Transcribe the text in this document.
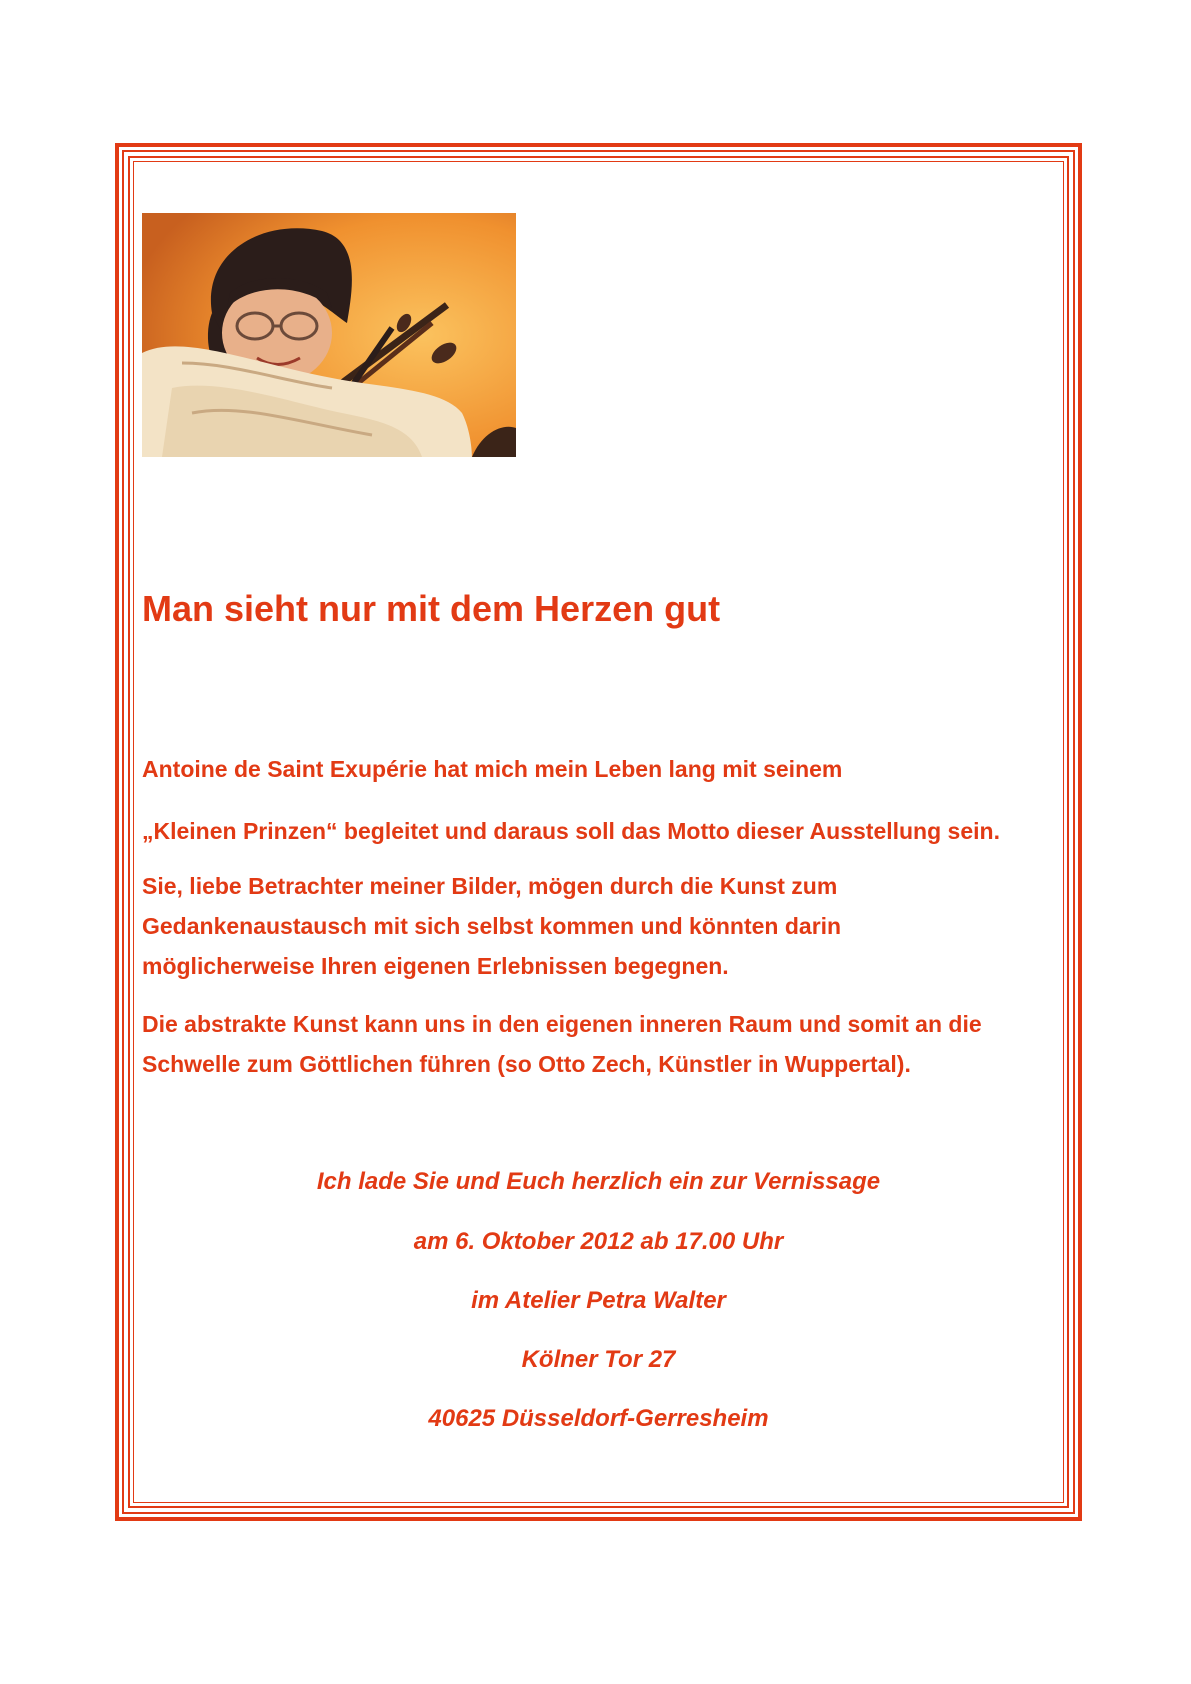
Man sieht nur mit dem Herzen gut

Antoine de Saint Exupérie hat mich mein Leben lang mit seinem

„Kleinen Prinzen“ begleitet und daraus soll das Motto dieser Ausstellung sein.

Sie, liebe Betrachter meiner Bilder, mögen durch die Kunst zum
Gedankenaustausch mit sich selbst kommen und könnten darin
möglicherweise Ihren eigenen Erlebnissen begegnen.

Die abstrakte Kunst kann uns in den eigenen inneren Raum und somit an die
Schwelle zum Göttlichen führen (so Otto Zech, Künstler in Wuppertal).

Ich lade Sie und Euch herzlich ein zur Vernissage

am 6. Oktober 2012 ab 17.00 Uhr

im Atelier Petra Walter

Kölner Tor 27

40625 Düsseldorf-Gerresheim
